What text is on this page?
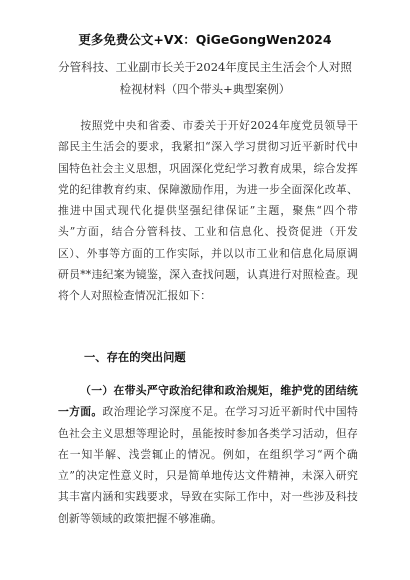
更多免费公文+VX：QiGeGongWen2024
分管科技、工业副市长关于2024年度民主生活会个人对照
检视材料（四个带头+典型案例）
按照党中央和省委、市委关于开好2024年度党员领导干部民主生活会的要求，我紧扣“深入学习贯彻习近平新时代中国特色社会主义思想，巩固深化党纪学习教育成果，综合发挥党的纪律教育约束、保障激励作用，为进一步全面深化改革、推进中国式现代化提供坚强纪律保证”主题，聚焦“四个带头”方面，结合分管科技、工业和信息化、投资促进（开发区）、外事等方面的工作实际，并以以市工业和信息化局原调研员**违纪案为镜鉴，深入查找问题，认真进行对照检查。现将个人对照检查情况汇报如下：
一、存在的突出问题
（一）在带头严守政治纪律和政治规矩，维护党的团结统一方面。政治理论学习深度不足。在学习习近平新时代中国特色社会主义思想等理论时，虽能按时参加各类学习活动，但存在一知半解、浅尝辄止的情况。例如，在组织学习“两个确立”的决定性意义时，只是简单地传达文件精神，未深入研究其丰富内涵和实践要求，导致在实际工作中，对一些涉及科技创新等领域的政策把握不够准确。
